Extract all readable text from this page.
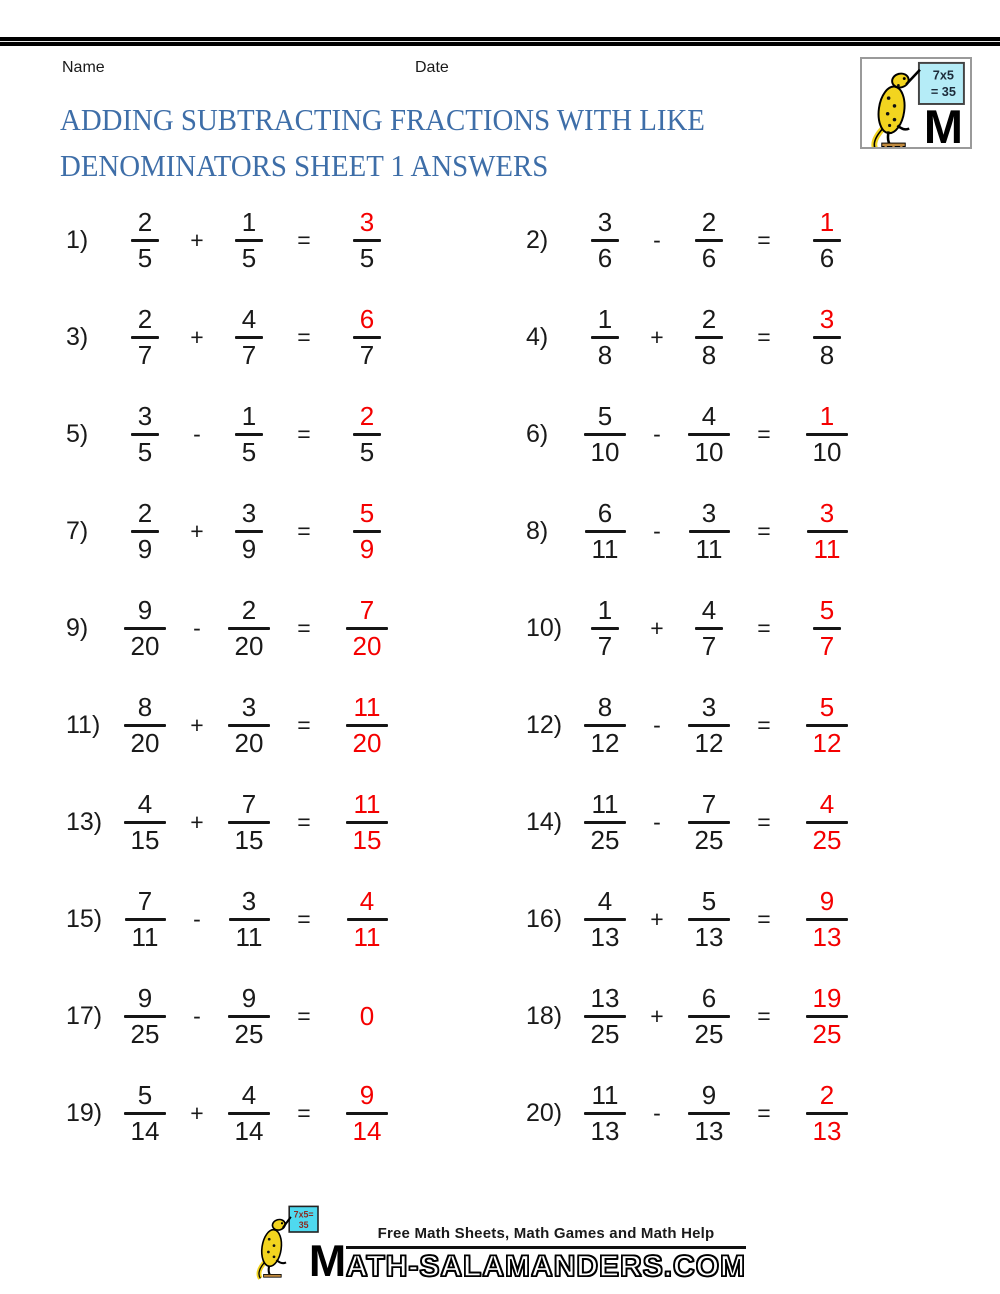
Name	Date	7x5
= 35
M
ADDING SUBTRACTING FRACTIONS WITH LIKE
DENOMINATORS SHEET 1 ANSWERS
1)	$\frac{2}{5} + \frac{1}{5} = \frac{3}{5}$	2)	$\frac{3}{6} - \frac{2}{6} = \frac{1}{6}$
3)	$\frac{2}{7} + \frac{4}{7} = \frac{6}{7}$	4)	$\frac{1}{8} + \frac{2}{8} = \frac{3}{8}$
5)	$\frac{3}{5} - \frac{1}{5} = \frac{2}{5}$	6)	$\frac{5}{10} - \frac{4}{10} = \frac{1}{10}$
7)	$\frac{2}{9} + \frac{3}{9} = \frac{5}{9}$	8)	$\frac{6}{11} - \frac{3}{11} = \frac{3}{11}$
9)	$\frac{9}{20} - \frac{2}{20} = \frac{7}{20}$	$10) \frac{1}{7} + \frac{4}{7} = \frac{5}{7}$
$11) \frac{8}{20} + \frac{3}{20} = \frac{11}{20}$	$12) \frac{8}{12} - \frac{3}{12} = \frac{5}{12}$
$13) \frac{4}{15} + \frac{7}{15} = \frac{11}{15}$	$14) \frac{11}{25} - \frac{7}{25} = \frac{4}{25}$
$15) \frac{7}{11} - \frac{3}{11} = \frac{4}{11}$	$16) \frac{4}{13} + \frac{5}{13} = \frac{9}{13}$
$17) \frac{9}{25} - \frac{9}{25} = 0$	$18) \frac{13}{25} + \frac{6}{25} = \frac{19}{25}$
$19) \frac{5}{14} + \frac{4}{14} = \frac{9}{14}$	$20) \frac{11}{13} - \frac{9}{13} = \frac{2}{13}$
7x5=
35
M
Free Math Sheets, Math Games and Math Help
ATH-SALAMANDERS.COM
